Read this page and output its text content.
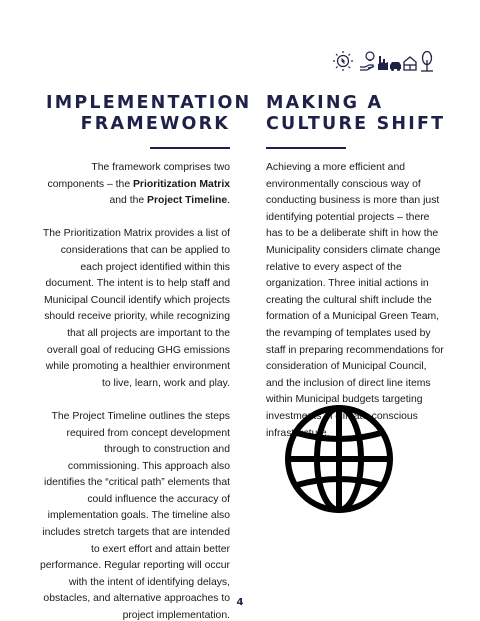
IMPLEMENTATION
FRAMEWORK
MAKING A
CULTURE SHIFT

The framework comprises two components – the Prioritization Matrix and the Project Timeline.

The Prioritization Matrix provides a list of considerations that can be applied to each project identified within this document. The intent is to help staff and Municipal Council identify which projects should receive priority, while recognizing that all projects are important to the overall goal of reducing GHG emissions while promoting a healthier environment to live, learn, work and play.

The Project Timeline outlines the steps required from concept development through to construction and commissioning. This approach also identifies the “critical path” elements that could influence the accuracy of implementation goals. The timeline also includes stretch targets that are intended to exert effort and attain better performance. Regular reporting will occur with the intent of identifying delays, obstacles, and alternative approaches to project implementation.

Achieving a more efficient and environmentally conscious way of conducting business is more than just identifying potential projects – there has to be a deliberate shift in how the Municipality considers climate change relative to every aspect of the organization. Three initial actions in creating the cultural shift include the formation of a Municipal Green Team, the revamping of templates used by staff in preparing recommendations for consideration of Municipal Council, and the inclusion of direct line items within Municipal budgets targeting investments in climate-conscious infrastructure.

4
